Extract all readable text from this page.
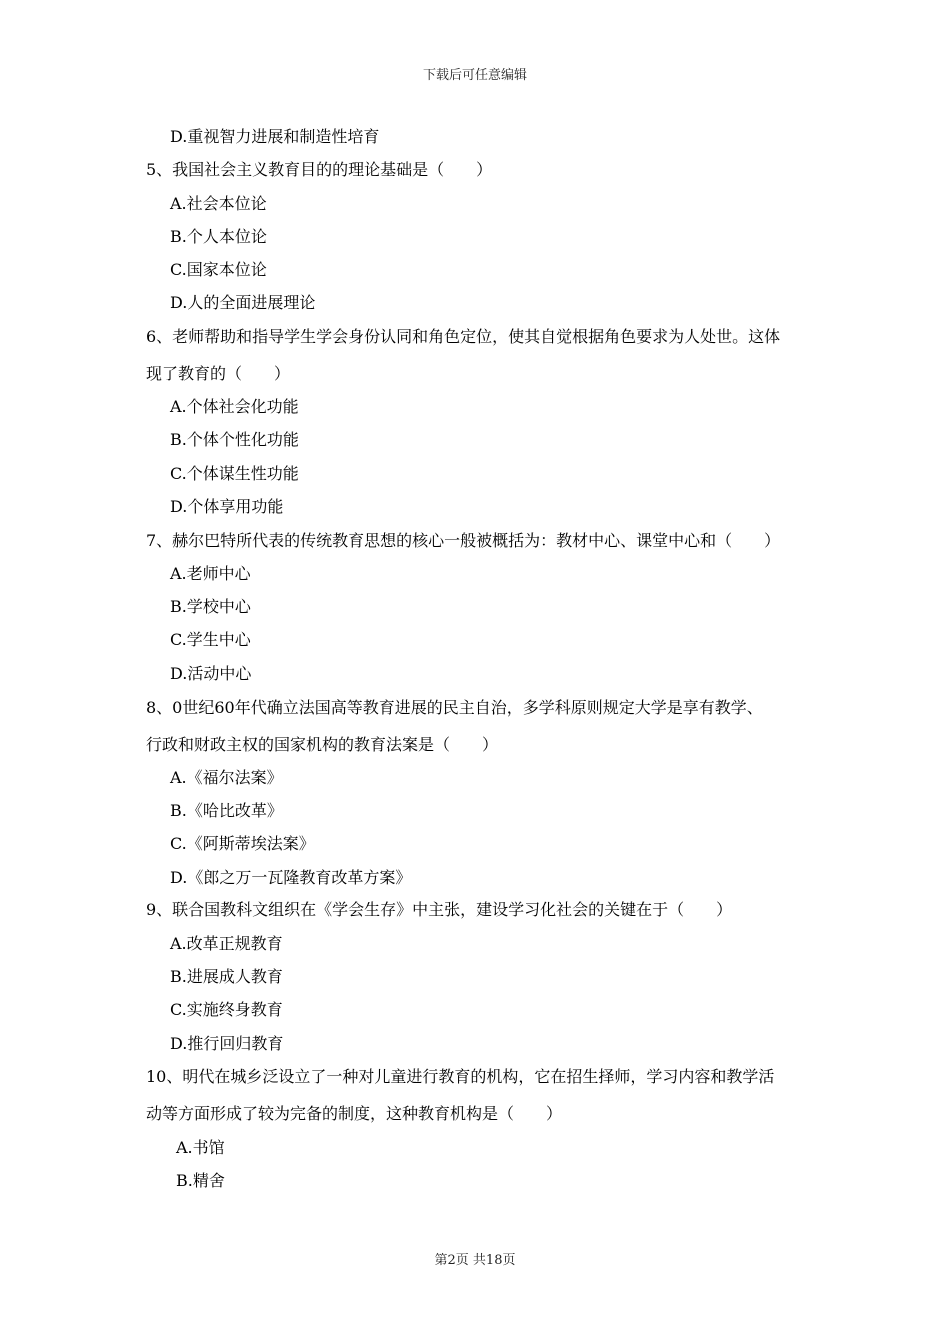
下载后可任意编辑
D.重视智力进展和制造性培育
5、我国社会主义教育目的的理论基础是（　　）
A.社会本位论
B.个人本位论
C.国家本位论
D.人的全面进展理论
6、老师帮助和指导学生学会身份认同和角色定位，使其自觉根据角色要求为人处世。这体
现了教育的（　　）
A.个体社会化功能
B.个体个性化功能
C.个体谋生性功能
D.个体享用功能
7、赫尔巴特所代表的传统教育思想的核心一般被概括为：教材中心、课堂中心和（　　）
A.老师中心
B.学校中心
C.学生中心
D.活动中心
8、0世纪60年代确立法国高等教育进展的民主自治，多学科原则规定大学是享有教学、
行政和财政主权的国家机构的教育法案是（　　）
A.《福尔法案》
B.《哈比改革》
C.《阿斯蒂埃法案》
D.《郎之万一瓦隆教育改革方案》
9、联合国教科文组织在《学会生存》中主张，建设学习化社会的关键在于（　　）
A.改革正规教育
B.进展成人教育
C.实施终身教育
D.推行回归教育
10、明代在城乡泛设立了一种对儿童进行教育的机构，它在招生择师，学习内容和教学活
动等方面形成了较为完备的制度，这种教育机构是（　　）
A.书馆
B.精舍
第2页 共18页
